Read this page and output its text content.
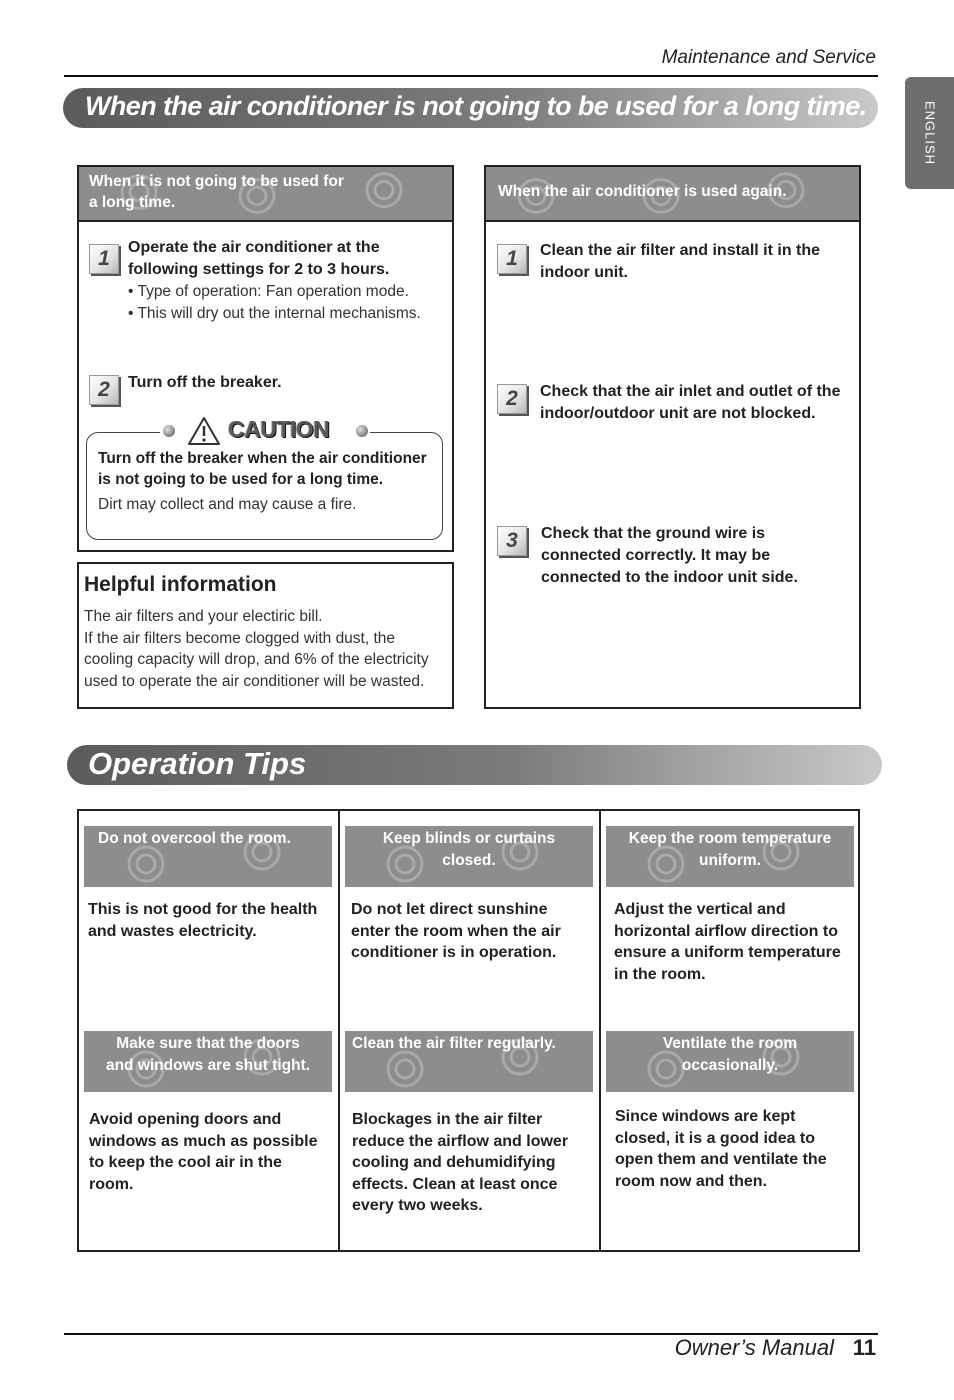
Maintenance and Service
ENGLISH
When the air conditioner is not going to be used for a long time.
When it is not going to be used for
a long time.
1	Operate the air conditioner at the
following settings for 2 to 3 hours.
• Type of operation: Fan operation mode.
• This will dry out the internal mechanisms.
2	Turn off the breaker.
Turn off the breaker when the air conditioner
is not going to be used for a long time.
Dirt may collect and may cause a fire.
CAUTION
Helpful information
The air filters and your electiric bill.
If the air filters become clogged with dust, the
cooling capacity will drop, and 6% of the electricity
used to operate the air conditioner will be wasted.
When the air conditioner is used again.
1	Clean the air filter and install it in the
indoor unit.
2	Check that the air inlet and outlet of the
indoor/outdoor unit are not blocked.
3	Check that the ground wire is
connected correctly. It may be
connected to the indoor unit side.
Operation Tips
Do not overcool the room.	Keep blinds or curtains
closed.
Keep the room temperature
uniform.
This is not good for the health
and wastes electricity.
Do not let direct sunshine
enter the room when the air
conditioner is in operation.
Adjust the vertical and
horizontal airflow direction to
ensure a uniform temperature
in the room.
Make sure that the doors
and windows are shut tight.
Clean the air filter regularly.	Ventilate the room
occasionally.
Avoid opening doors and
windows as much as possible
to keep the cool air in the
room.
Blockages in the air filter
reduce the airflow and lower
cooling and dehumidifying
effects. Clean at least once
every two weeks.
Since windows are kept
closed, it is a good idea to
open them and ventilate the
room now and then.
Owner’s Manual 11
